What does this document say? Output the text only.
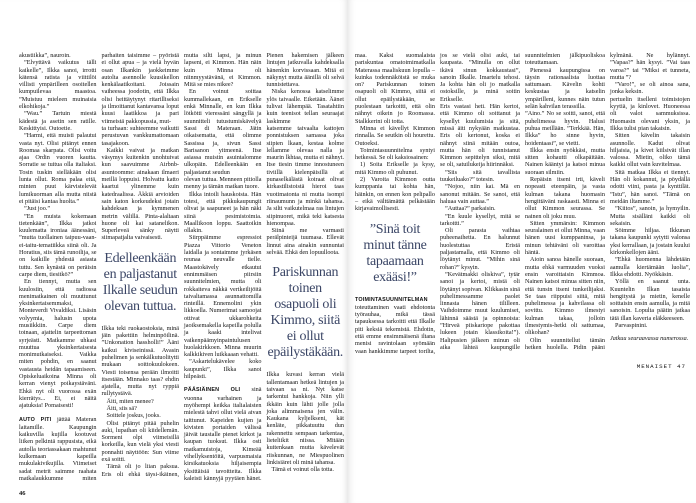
akustiikka”, nauroin.

”Elvyttävä vaikutus tälli kaikelle”, Ilkka sanoi, irrotti kätensä ratista ja viittilöi villisti ympärilleen osoitellen kumpuilevaa maastoa. ”Muistuu mieleen muinaisia elkohikoja.”

”Wau.” Tartuin miestä kädestä ja asetin sen ratille. Keskittyisi. Outoetie.

”Harmi, että muisti palautui vasta nyt. Olisi pitänyt ennen Roomaa skarpata. Olisi voitu ajaa Ordin vuoren kautta. Sorratie se tuitua olla italiaksi. Tosin tuskin sielläkään olisi lunta ollut. Roma palaa eitä, minten puut kärvistelevät lumikuorman alla mutta niistä ei pitäisi kantaa huolta.”

”Just joo.”

”En muista kokemaan tietenkään”, Ilkka jatkoi kuulematta ironiaa äänessäni, ”mutta tuollainen taipuu-vaan-ei-taitu-tematiikka siinä oli. Ja Horatius, siis tämä runoilija, se on kaikille yhdestä asiasta tuttu. Sen kynästä on peräisin carpe diem, tiesitkö?”

En tiennyt, mutta sen kuulosiin, että radiossa menimatkainen oli muuttunut yksinkertaisemmaksi, Monteverdi Vivaldiksi. Lisäsin volyymia, halusin upota musiikkiin. Carpe diem toinaan, ajattelin tarpeettoman syrjeästi. Matkamme uhkasi muuttua yksinkertaisesta monimutkaiseksi. Vaikka miten pohdin, en saanut vastausta heidän tapaamiseen. Opiskeluaikoina Minna oli kerran vienyt poikaystäväni. Ehkä nyt oli vuorossa exän kierrätys... Ei, ei näitä ajatuksia! Pomaisesti!

AUTO PITI jättää Materan laitamille. Kaupungin kaikuvilla kujilla kootuvat liiken pelkintä rappusista, eikä autolla teoriassakaan mahtunut kulkemaan kapeilla mukulakivikujilla. Viimeiset sadat metrit saimme raahata matkalaukkumme miten parhaiten taisimme – pyöristä ei ollut apua – ja vielä hyvän osan Ilkankin jaokkeimme autolta asennolle kuusikellon kenkälaatikoitani. Joissain vaiheessa joodotin, että Ilkka olisi heittäytynyt ritarilliseksi ja ilmoittanut kantavansa loput kuusi laatikkoa ja pari viimeistä pakkopussia, mut-

ta turhaan: suhteemme vaikutti perustuvan vankkumattomaan tasajakoon.

Kaikki vaivat ja matkan väsymys kuitenkin unohtuivat kun saavuimme Airbnb-asuntoomme: ainakaan ilmaeri meillä loppuisi. Holvattu katto kaartui ylinemme kuin katedraalissa. Äkkiä arvioiden sain katon korkeudeksi jotain kahdeksan ja kymmenen metrin välillä. Pinta-alaltaan huone oli kai satanelikon. Superleveä sänky näytti siimapatjalta vaivaisesti.

Edelleenkään en paljastanut Ilkalle seudun olevan tuttua.

Ilkka teki ruokaostoksia, minä jäin pakettiin helminpöilinä. ”Unkonation hassholli!” Ääni kaikui kiviseinissä. Avasin puhelimen ja senkälkutuolitytti mukaan soittokuulokeen. Viesti toisensa perään ilmoitti itsestään. Minnako taas? ehdin ajatella, mutta nyt ryppiä rullytystävä.

Äiti, miten menee?

Äiti, siis sä?

Soittele joskus, jooks.

Olisi pitänyt pitää puhelin auki, lupaihan oli kiidellemän. Sormeni olpi viimeisillä korkeilla, kun vielä yksi viesti ponnahti näyttöön: Sun viime exä soitti.

Tämä oli jo liian paksua. Eris oli ehkä täysi-ikäinen, mutta silti lapsi, ja minun lapseni, ei Kimmon. Hän näin kuin Minna oli niinmyystävänä, ei Kimmon. Mitä se mies nikee?

En voinut soittaa kummallekaan, en Erikselle enkä Minnalle, en kun Ilkka lötkötti vieressäni sängyllä ja suunnitteli tutustumiskävelyä Sassi di Materaan. Jätin oikaisematta, että olimme Sassissa ja, sivun Sassi Barisanon yitmeenä. Itse asiassa muistin asuintalomme ulkopäin. Edelleenkään en paljastanut seudun

olevan tuttua. Menneen pitiolla menny ja tämän matkan tuore.

Ilkka intoili hauskoista. Hän totesi, että pikkukaupungit olivat ja saapuneet ja hän näki siinä pesimistoimia. Maallikoon loppu. Saattoikin ollakin.

Siirppäimme espressiot Piazza Vittorio Veneton laidalla ja sontaimme jyrkäsen reunaa neuvalle tielle. Maastokävely etkautui ennimmäisen piirsiin suunnitelmien, mutta oli rokkaiteva näkkä vertkeilijöitä taivaltamassa asunnattomilla rinteillä. Ennemolini ykin likkoella. Numerimat samoojat ottivat ukkarohkeita jaoiksemakella kapeilla polulla ja kaaki intelivat vaikenpäämyinpaintulusen huolakirkkoen. Minna muurin kalkkikiven luikkaaan vehatti.

”Askartelukävelee koko kaupunki”, Ilkka sanoi hilpeästi.

PÄÄSIÄINEN OLI sinä vuonna varhainen ja myöhempi keikka italialaisten mielestä tahvi ollut vielä aivan taittunut. Kapeiden kujien ja kivisten portaiden välissä jäivät taustalle pienet kirkot ja kaupan tuoksut. Ilkka osti matkamuistoja, Kimeää vihellyksentöitä, varpusmaisia kirsikatuoksia hiljaisempia yksittäisiä tavoitteita. Ilkka kaleisti kännyjä pyytäen hänet. Pienen hakemisen jälkeen lintujen jatkuvalla kahdeksalla hänenkin korvissaan. Mitä ei näkynyt mutta äänillä oli selvä tunnistettava.

Niska kenossa katselimme ylös taivaalle. Eiketään. Äänet tulivat lähempää. Tasatahtiin kuin teenisot tellan seuraajat laskimme

katsemme taivaalta kattojen ponnistuksen samassa joka siipien lkaan, kestaa kolme lellamme olevaa nalla ja maurin lkhtaa, mutta ei nähnyt. Itse tiesin timme innostuneen tiviillä kielenpäisillä at punaselkälästä koiraat olivat kirkastilistoistä hieroi taas vuotimatonta ni mutta isompi riinaumunn ja minkä tahansa. Ja silti vaikutelmaa ras lintujen siipinuoret, mikä teki katsesta hienompaa.

Siinä me varmasti perälpinteijä tuumasa. Ellevät linnut aina ainakin sunnuntai selvää. Ehkä den lopuulloota.

Pariskunnan toinen osapuoli oli Kimmo, siitä ei ollut epäilystäkään.

Ilkka kuvasi kerran vielä tallentamaan hetkeä lintujen ja taivaan sa ni. Nyt katse tarkentui hankkoja. Niin ylli ikkäin kuin lähti jolle jolla joka alimmaisena jen välin. Kaukana kyljelkseni, kät kenläte, pikkatuuttu dun rakennettu sempaan tarkentaa, lieteliikit niissa. Mitään kuitenkaan mutta kävelevät riiskunnan, ne Miespuolinen linkisiäret oli minä tahansa.

Tämä ei voinut olla totta.

46

maa. Kaksi suomalaista pariskuntaa omatoimimatkalla Materassa maaliskuun lopulla – kuinka todennäköistä se muka on? Pariskunnan toinen osapuoli oli Kimmo, siitä ei ollut epäilystäkään, se puolestaan tarkoitti, että olin nähnyt oikein jo Roomassa. Stalkkerini oli totta.

Minna ei kävellyt Kimmon rinnalla. Se seutkin oli hourettu. Outoeksi.

Toimintasuunnitelma syntyi hetkessä. Se oli kaksiosainen:

1) Soita Erikselle ja kysy, mitä Kimmo oli puhunut.

2) Varoita Kimmon outta kumppania tai kohta hän, häinkin, on ennen kon pelipallo – eikä välttämättä pelkästään kirjavaimollisesti.

”Sinä toit minut tänne tapaamaan exääsi!”

TOIMINTASUUNNITELMAN toteuttaminen vaati ehdotonta työrauhaa, mikä tässä tapauksessa tarkoitti että Ilkalle piti keksiä tekemistä. Ehdotin, että emme ensimmäisenä iltana menisi ravintolaan syömään vaan hankkimme tarpeet torilta, jos se vielä olisi auki, tai kaupasta. ”Minulla on ollut ikävä sinun kokkaustasi”, sanoin Ilkalle. Imartelu tehosi. Ja kohta hän oli jo matkalla ostoksille, ja minä soitin Erikselle.

Eris vastasi heti. Hän kertoi, että Kimmo oli soittanut ja kysellyt kuulumisia ja sitä, missä äiti nykyään matkustaa. Eris oli kertonut, koska ei nähnyt siinä mitään outoa, mutta hän oli tunnistanut Kimmon sepittelyn siksi, mitä se oli, satuilukeija hiirinnäksi.

”Siis sitä tavallista tuukeiluako?” totesin.

”Nojoo, niin kai. Mä en sanonut mitään. Se sanoi, että haluaa vain auttaa.”

”Auttaa?” parkaisin.

”En kuule kysellyt, mitä se tarkoitti.”

Oli parasta vaihtaa puheenaihetta. En halunnut huolestuttaa Eristä paljastamalla, että Kimmo oli löytänyt minut. ”Mihin sinä rohan?” kysyin.

”Kevätmakki oliskiva”, tytär sanoi ja kertoi, mistä oli löytänyt sopivan. Klikkasin sinä puhelimessamme paolet linnasta hänen tililleen. Vaihdoimme muut kuulumiset, lähinnä säästä ja opinnoista: ”Hirveä piiskariope pakottaa lukeen jotain klassikoita!”). Halipusien jälkeen minun oli aika lähteä kaupungille suunnitelmien jälkipuoliskoa toteuttamaan.

Pienessä kaupungissa on täysin rationaalista luottaa sattumaan. Kävelin kohti keskustaa ja katselin ympärilleni, kunnes näin tutun selän kahvilan terassilla.

”Aino.” No se soitti, sanoi, että puhelimessa hyvin. Halusi puhua meillään. ”Terkkää. Hän, Ilkka” ho sinne hyvin, hoidentaasi”, se vietti.

Ilkka ensin nyökkäsi, mutta sitten kohautti olkapäitään. Nainen kääntyi ja katsoi minua suoraan silmiin.

Repäisin itseni irti, käveli nopeasti eteenpäin, ja vasta kulman takana huomasin hengittäväni raskaasti. Minna ei ollut Kimmon seurassa. Se nainen oli joku muu.

Sitten ymmärsin: Kimmon seuralainen ei ollut Minna, vaan hänen uusi kumppaninsa, ja minun tehtäväni oli varoittaa häntä.

Aioin sanoa hänelle suoraan, mutta ehkä varmuuden vuoksi ensin varoittaisin Kimmoa. Nainen katsoi minua sitten niin, että tunsin itseni tunkeilijaksi. Se taas riippuisi siitä, mitä puhelimessa ja kahvilassa oli sovittu. Kimmo ilmestyi kulman takaa, jolloin ilmestymis-hetki oli sattumaa, olikohan?

Olin suunnitellut tämän hetken huolella. Pidin pääni kylmänä. Ne hylännyt. ”Vapaa?” hän kysyi. ”Vai taas varoa?” tai ”Miksi et tunneta, mutta ”?

”Varo!”, se oli ainoa sana, jonka keksin.

pertuelin itselleni toimistojen kyytiä, ja kinlovet. Huoneessa oli valot sammuksissa. Huomasin olevani yksin, ja Ilkka tulisi pian takaisin.

Sitten kävelin takaisin asunnolle. Kadut olivat hiljaisia, ja kivet kiilsivät illan valossa. Mietin, oliko tämä kaikki ollut vain kuvitelmaa.

Sitä matkaa Ilkka ei tiennyt. Hän oli kokannut, ja pöydällä odotti viini, pasta ja kynttilät. ”Istu”, hän sanoi. ”Tämä on meidän iltamme.”

”Kiitos”, sanoin, ja hymyilin. Mutta sisälläni kaikki oli sekaisin.

Söimme hiljaa. Ikkunan takana kaupunki sytytti valonsa yksi kerrallaan, ja jostain kuului kirkonkellojen ääni.

”Ehkä huomenna lähdetään aamulla kiertämään luolia”, Ilkka ehdotti. Nyökkäsin.

Yöllä en saanut unta. Kuuntelin Ilkan tasaista hengitystä ja mietin, kenelle soittaisin ensin aamulla, ja mitä sanoisin. Lopulta päätin jatkaa tätä illan kaveria eläkkeeseen.

Parvaspinini.

Jatkuu seuraavassa numerossa.
MENAISET 47
